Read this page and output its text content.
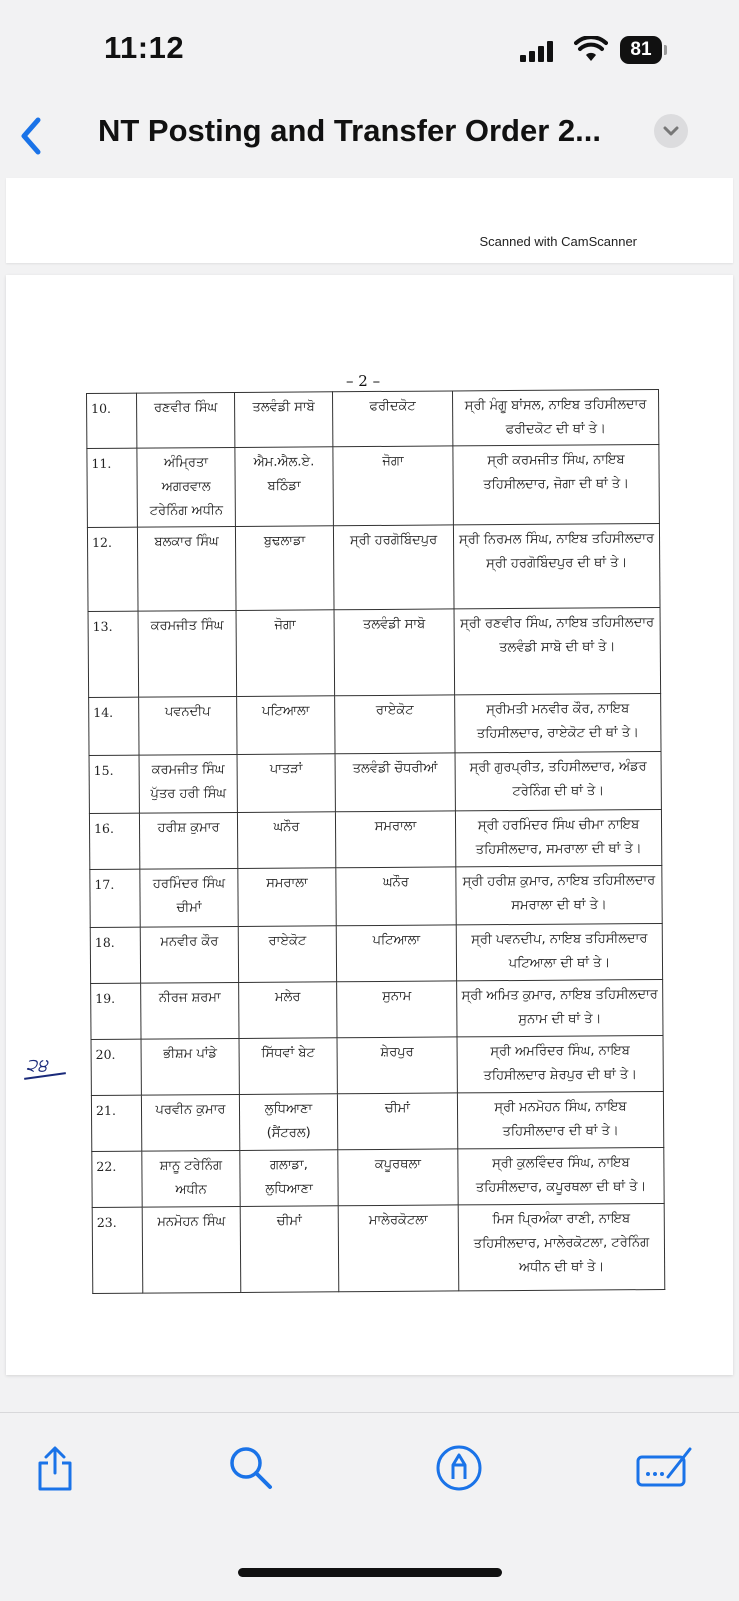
11:12	81
NT Posting and Transfer Order 2...
Scanned with CamScanner
– 2 –
੨੪
10.	ਰਣਵੀਰ ਸਿੰਘ	ਤਲਵੰਡੀ ਸਾਬੋ	ਫਰੀਦਕੋਟ	ਸ੍ਰੀ ਮੰਗੂ ਬਾਂਸਲ, ਨਾਇਬ ਤਹਿਸੀਲਦਾਰ ਫਰੀਦਕੋਟ ਦੀ ਥਾਂ ਤੇ।
11.	ਅੰਮ੍ਰਿਤਾ ਅਗਰਵਾਲ ਟਰੇਨਿੰਗ ਅਧੀਨ	ਐਮ.ਐਲ.ਏ. ਬਠਿੰਡਾ	ਜੋਗਾ	ਸ੍ਰੀ ਕਰਮਜੀਤ ਸਿੰਘ, ਨਾਇਬ ਤਹਿਸੀਲਦਾਰ, ਜੋਗਾ ਦੀ ਥਾਂ ਤੇ।
12.	ਬਲਕਾਰ ਸਿੰਘ	ਬੁਢਲਾਡਾ	ਸ੍ਰੀ ਹਰਗੋਬਿੰਦਪੁਰ	ਸ੍ਰੀ ਨਿਰਮਲ ਸਿੰਘ, ਨਾਇਬ ਤਹਿਸੀਲਦਾਰ ਸ੍ਰੀ ਹਰਗੋਬਿੰਦਪੁਰ ਦੀ ਥਾਂ ਤੇ।
13.	ਕਰਮਜੀਤ ਸਿੰਘ	ਜੋਗਾ	ਤਲਵੰਡੀ ਸਾਬੋ	ਸ੍ਰੀ ਰਣਵੀਰ ਸਿੰਘ, ਨਾਇਬ ਤਹਿਸੀਲਦਾਰ ਤਲਵੰਡੀ ਸਾਬੋ ਦੀ ਥਾਂ ਤੇ।
14.	ਪਵਨਦੀਪ	ਪਟਿਆਲਾ	ਰਾਏਕੋਟ	ਸ੍ਰੀਮਤੀ ਮਨਵੀਰ ਕੌਰ, ਨਾਇਬ ਤਹਿਸੀਲਦਾਰ, ਰਾਏਕੋਟ ਦੀ ਥਾਂ ਤੇ।
15.	ਕਰਮਜੀਤ ਸਿੰਘ ਪੁੱਤਰ ਹਰੀ ਸਿੰਘ	ਪਾਤੜਾਂ	ਤਲਵੰਡੀ ਚੌਧਰੀਆਂ	ਸ੍ਰੀ ਗੁਰਪ੍ਰੀਤ, ਤਹਿਸੀਲਦਾਰ, ਅੰਡਰ ਟਰੇਨਿੰਗ ਦੀ ਥਾਂ ਤੇ।
16.	ਹਰੀਸ਼ ਕੁਮਾਰ	ਘਨੌਰ	ਸਮਰਾਲਾ	ਸ੍ਰੀ ਹਰਮਿੰਦਰ ਸਿੰਘ ਚੀਮਾ ਨਾਇਬ ਤਹਿਸੀਲਦਾਰ, ਸਮਰਾਲਾ ਦੀ ਥਾਂ ਤੇ।
17.	ਹਰਮਿੰਦਰ ਸਿੰਘ ਚੀਮਾਂ	ਸਮਰਾਲਾ	ਘਨੌਰ	ਸ੍ਰੀ ਹਰੀਸ਼ ਕੁਮਾਰ, ਨਾਇਬ ਤਹਿਸੀਲਦਾਰ ਸਮਰਾਲਾ ਦੀ ਥਾਂ ਤੇ।
18.	ਮਨਵੀਰ ਕੌਰ	ਰਾਏਕੋਟ	ਪਟਿਆਲਾ	ਸ੍ਰੀ ਪਵਨਦੀਪ, ਨਾਇਬ ਤਹਿਸੀਲਦਾਰ ਪਟਿਆਲਾ ਦੀ ਥਾਂ ਤੇ।
19.	ਨੀਰਜ ਸ਼ਰਮਾ	ਮਲੇਰ	ਸੁਨਾਮ	ਸ੍ਰੀ ਅਮਿਤ ਕੁਮਾਰ, ਨਾਇਬ ਤਹਿਸੀਲਦਾਰ ਸੁਨਾਮ ਦੀ ਥਾਂ ਤੇ।
20.	ਭੀਸ਼ਮ ਪਾਂਡੇ	ਸਿੱਧਵਾਂ ਬੇਟ	ਸ਼ੇਰਪੁਰ	ਸ੍ਰੀ ਅਮਰਿੰਦਰ ਸਿੰਘ, ਨਾਇਬ ਤਹਿਸੀਲਦਾਰ ਸ਼ੇਰਪੁਰ ਦੀ ਥਾਂ ਤੇ।
21.	ਪਰਵੀਨ ਕੁਮਾਰ	ਲੁਧਿਆਣਾ (ਸੈਂਟਰਲ)	ਚੀਮਾਂ	ਸ੍ਰੀ ਮਨਮੋਹਨ ਸਿੰਘ, ਨਾਇਬ ਤਹਿਸੀਲਦਾਰ ਦੀ ਥਾਂ ਤੇ।
22.	ਸ਼ਾਨੂ ਟਰੇਨਿੰਗ ਅਧੀਨ	ਗਲਾਡਾ, ਲੁਧਿਆਣਾ	ਕਪੂਰਥਲਾ	ਸ੍ਰੀ ਕੁਲਵਿੰਦਰ ਸਿੰਘ, ਨਾਇਬ ਤਹਿਸੀਲਦਾਰ, ਕਪੂਰਥਲਾ ਦੀ ਥਾਂ ਤੇ।
23.	ਮਨਮੋਹਨ ਸਿੰਘ	ਚੀਮਾਂ	ਮਾਲੇਰਕੋਟਲਾ	ਮਿਸ ਪ੍ਰਿਅੰਕਾ ਰਾਣੀ, ਨਾਇਬ ਤਹਿਸੀਲਦਾਰ, ਮਾਲੇਰਕੋਟਲਾ, ਟਰੇਨਿੰਗ ਅਧੀਨ ਦੀ ਥਾਂ ਤੇ।
